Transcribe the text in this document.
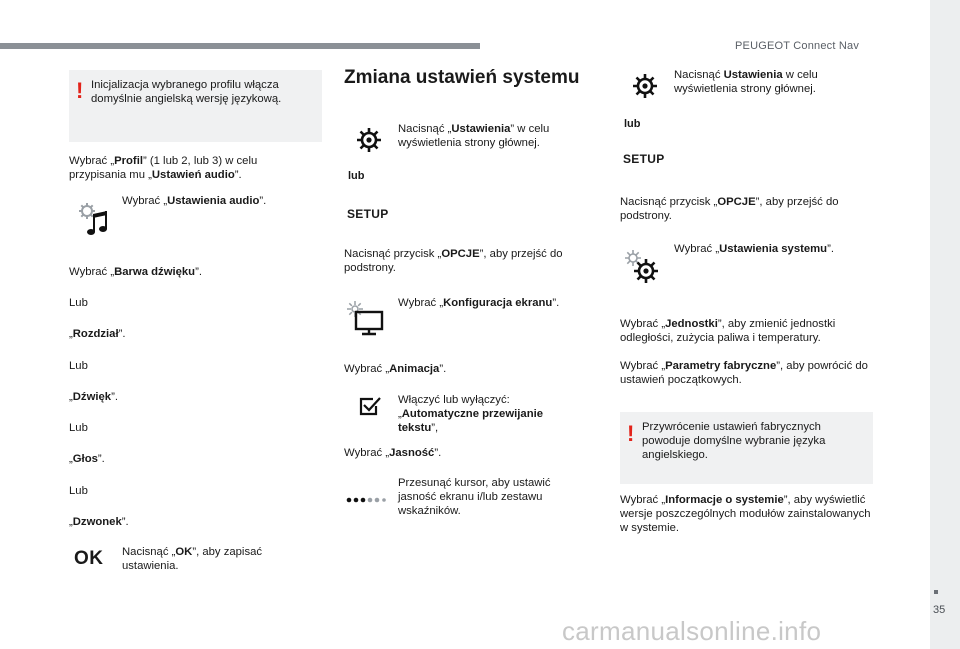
PEUGEOT Connect Nav
35
carmanualsonline.info
! Inicjalizacja wybranego profilu włącza domyślnie angielską wersję językową.
Wybrać „Profil” (1 lub 2, lub 3) w celu przypisania mu „Ustawień audio”.
Wybrać „Ustawienia audio”.
Wybrać „Barwa dźwięku”.
Lub
„Rozdział”.
Lub
„Dźwięk”.
Lub
„Głos”.
Lub
„Dzwonek”.
OK Nacisnąć „OK”, aby zapisać ustawienia.
Zmiana ustawień systemu
lub
SETUP
Nacisnąć „Ustawienia” w celu wyświetlenia strony głównej.
Nacisnąć przycisk „OPCJE”, aby przejść do podstrony.
Wybrać „Konfiguracja ekranu”.
Wybrać „Animacja”.
Włączyć lub wyłączyć: „Automatyczne przewijanie tekstu”,
Wybrać „Jasność”.
Przesunąć kursor, aby ustawić jasność ekranu i/lub zestawu wskaźników.
Nacisnąć Ustawienia w celu wyświetlenia strony głównej.
lub
SETUP
Nacisnąć przycisk „OPCJE”, aby przejść do podstrony.
Wybrać „Ustawienia systemu”.
Wybrać „Jednostki”, aby zmienić jednostki odległości, zużycia paliwa i temperatury.
Wybrać „Parametry fabryczne”, aby powrócić do ustawień początkowych.
! Przywrócenie ustawień fabrycznych powoduje domyślne wybranie języka angielskiego.
Wybrać „Informacje o systemie”, aby wyświetlić wersje poszczególnych modułów zainstalowanych w systemie.
